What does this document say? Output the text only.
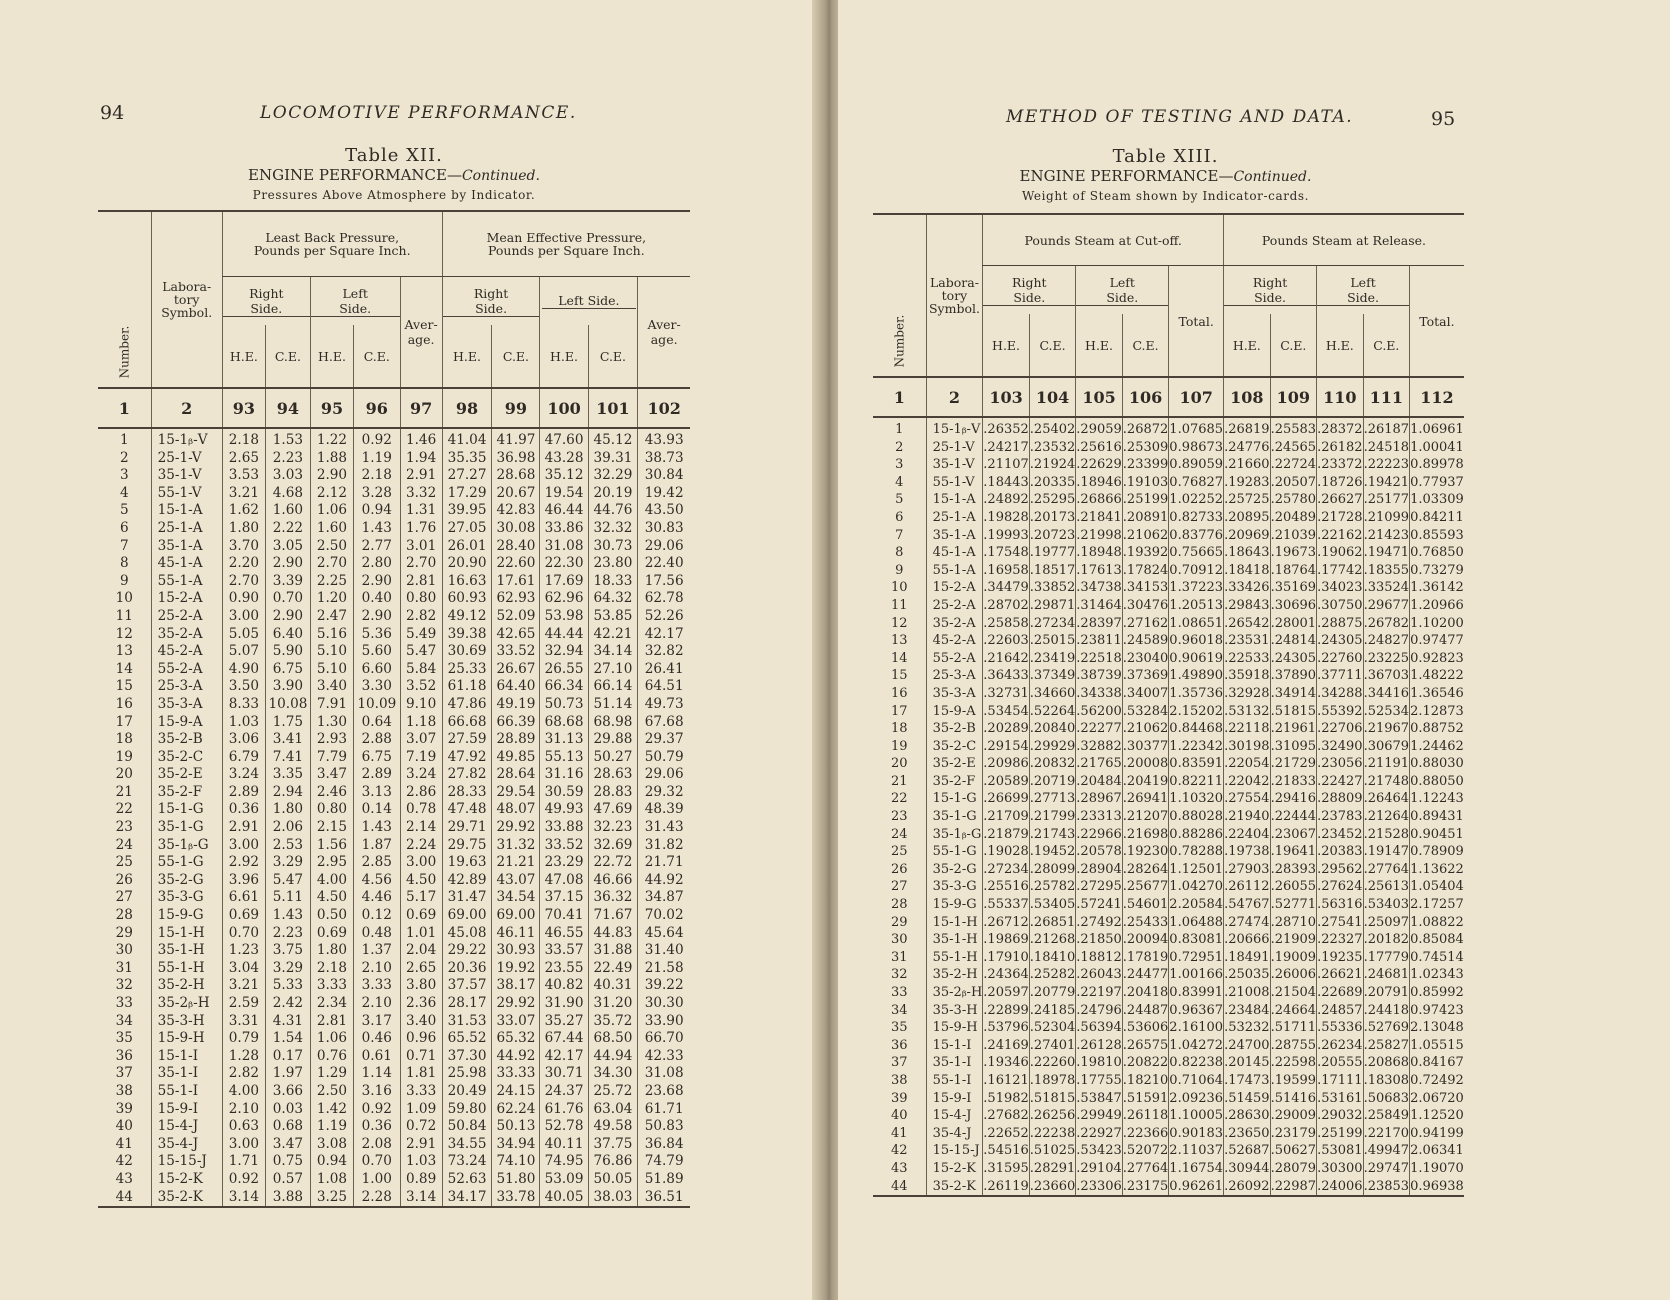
94	LOCOMOTIVE PERFORMANCE.
Table XII.
ENGINE PERFORMANCE—Continued.
Pressures Above Atmosphere by Indicator.
Number.	Labora-
tory
Symbol.	Least Back Pressure,
Pounds per Square Inch.					Mean Effective Pressure,
Pounds per Square Inch.				
		Right Side.		Left Side.		Aver-
age.	Right Side.		Left Side.		Aver-
age.
		H.E.	C.E.	H.E.	C.E.		H.E.	C.E.	H.E.	C.E.	
1	2	93	94	95	96	97	98	99	100	101	102
1	15-1ᵦ-V	2.18	1.53	1.22	0.92	1.46	41.04	41.97	47.60	45.12	43.93
2	25-1-V	2.65	2.23	1.88	1.19	1.94	35.35	36.98	43.28	39.31	38.73
3	35-1-V	3.53	3.03	2.90	2.18	2.91	27.27	28.68	35.12	32.29	30.84
4	55-1-V	3.21	4.68	2.12	3.28	3.32	17.29	20.67	19.54	20.19	19.42
5	15-1-A	1.62	1.60	1.06	0.94	1.31	39.95	42.83	46.44	44.76	43.50
6	25-1-A	1.80	2.22	1.60	1.43	1.76	27.05	30.08	33.86	32.32	30.83
7	35-1-A	3.70	3.05	2.50	2.77	3.01	26.01	28.40	31.08	30.73	29.06
8	45-1-A	2.20	2.90	2.70	2.80	2.70	20.90	22.60	22.30	23.80	22.40
9	55-1-A	2.70	3.39	2.25	2.90	2.81	16.63	17.61	17.69	18.33	17.56
10	15-2-A	0.90	0.70	1.20	0.40	0.80	60.93	62.93	62.96	64.32	62.78
11	25-2-A	3.00	2.90	2.47	2.90	2.82	49.12	52.09	53.98	53.85	52.26
12	35-2-A	5.05	6.40	5.16	5.36	5.49	39.38	42.65	44.44	42.21	42.17
13	45-2-A	5.07	5.90	5.10	5.60	5.47	30.69	33.52	32.94	34.14	32.82
14	55-2-A	4.90	6.75	5.10	6.60	5.84	25.33	26.67	26.55	27.10	26.41
15	25-3-A	3.50	3.90	3.40	3.30	3.52	61.18	64.40	66.34	66.14	64.51
16	35-3-A	8.33	10.08	7.91	10.09	9.10	47.86	49.19	50.73	51.14	49.73
17	15-9-A	1.03	1.75	1.30	0.64	1.18	66.68	66.39	68.68	68.98	67.68
18	35-2-B	3.06	3.41	2.93	2.88	3.07	27.59	28.89	31.13	29.88	29.37
19	35-2-C	6.79	7.41	7.79	6.75	7.19	47.92	49.85	55.13	50.27	50.79
20	35-2-E	3.24	3.35	3.47	2.89	3.24	27.82	28.64	31.16	28.63	29.06
21	35-2-F	2.89	2.94	2.46	3.13	2.86	28.33	29.54	30.59	28.83	29.32
22	15-1-G	0.36	1.80	0.80	0.14	0.78	47.48	48.07	49.93	47.69	48.39
23	35-1-G	2.91	2.06	2.15	1.43	2.14	29.71	29.92	33.88	32.23	31.43
24	35-1ᵦ-G	3.00	2.53	1.56	1.87	2.24	29.75	31.32	33.52	32.69	31.82
25	55-1-G	2.92	3.29	2.95	2.85	3.00	19.63	21.21	23.29	22.72	21.71
26	35-2-G	3.96	5.47	4.00	4.56	4.50	42.89	43.07	47.08	46.66	44.92
27	35-3-G	6.61	5.11	4.50	4.46	5.17	31.47	34.54	37.15	36.32	34.87
28	15-9-G	0.69	1.43	0.50	0.12	0.69	69.00	69.00	70.41	71.67	70.02
29	15-1-H	0.70	2.23	0.69	0.48	1.01	45.08	46.11	46.55	44.83	45.64
30	35-1-H	1.23	3.75	1.80	1.37	2.04	29.22	30.93	33.57	31.88	31.40
31	55-1-H	3.04	3.29	2.18	2.10	2.65	20.36	19.92	23.55	22.49	21.58
32	35-2-H	3.21	5.33	3.33	3.33	3.80	37.57	38.17	40.82	40.31	39.22
33	35-2ᵦ-H	2.59	2.42	2.34	2.10	2.36	28.17	29.92	31.90	31.20	30.30
34	35-3-H	3.31	4.31	2.81	3.17	3.40	31.53	33.07	35.27	35.72	33.90
35	15-9-H	0.79	1.54	1.06	0.46	0.96	65.52	65.32	67.44	68.50	66.70
36	15-1-I	1.28	0.17	0.76	0.61	0.71	37.30	44.92	42.17	44.94	42.33
37	35-1-I	2.82	1.97	1.29	1.14	1.81	25.98	33.33	30.71	34.30	31.08
38	55-1-I	4.00	3.66	2.50	3.16	3.33	20.49	24.15	24.37	25.72	23.68
39	15-9-I	2.10	0.03	1.42	0.92	1.09	59.80	62.24	61.76	63.04	61.71
40	15-4-J	0.63	0.68	1.19	0.36	0.72	50.84	50.13	52.78	49.58	50.83
41	35-4-J	3.00	3.47	3.08	2.08	2.91	34.55	34.94	40.11	37.75	36.84
42	15-15-J	1.71	0.75	0.94	0.70	1.03	73.24	74.10	74.95	76.86	74.79
43	15-2-K	0.92	0.57	1.08	1.00	0.89	52.63	51.80	53.09	50.05	51.89
44	35-2-K	3.14	3.88	3.25	2.28	3.14	34.17	33.78	40.05	38.03	36.51
METHOD OF TESTING AND DATA.	95
Table XIII.
ENGINE PERFORMANCE—Continued.
Weight of Steam shown by Indicator-cards.
Number.	Labora-
tory
Symbol.	Pounds Steam at Cut-off.					Pounds Steam at Release.				
		Right Side.		Left Side.		Total.	Right Side.		Left Side.		Total.
		H.E.	C.E.	H.E.	C.E.		H.E.	C.E.	H.E.	C.E.	
1	2	103	104	105	106	107	108	109	110	111	112
1	15-1ᵦ-V	.26352	.25402	.29059	.26872	1.07685	.26819	.25583	.28372	.26187	1.06961
2	25-1-V	.24217	.23532	.25616	.25309	0.98673	.24776	.24565	.26182	.24518	1.00041
3	35-1-V	.21107	.21924	.22629	.23399	0.89059	.21660	.22724	.23372	.22223	0.89978
4	55-1-V	.18443	.20335	.18946	.19103	0.76827	.19283	.20507	.18726	.19421	0.77937
5	15-1-A	.24892	.25295	.26866	.25199	1.02252	.25725	.25780	.26627	.25177	1.03309
6	25-1-A	.19828	.20173	.21841	.20891	0.82733	.20895	.20489	.21728	.21099	0.84211
7	35-1-A	.19993	.20723	.21998	.21062	0.83776	.20969	.21039	.22162	.21423	0.85593
8	45-1-A	.17548	.19777	.18948	.19392	0.75665	.18643	.19673	.19062	.19471	0.76850
9	55-1-A	.16958	.18517	.17613	.17824	0.70912	.18418	.18764	.17742	.18355	0.73279
10	15-2-A	.34479	.33852	.34738	.34153	1.37223	.33426	.35169	.34023	.33524	1.36142
11	25-2-A	.28702	.29871	.31464	.30476	1.20513	.29843	.30696	.30750	.29677	1.20966
12	35-2-A	.25858	.27234	.28397	.27162	1.08651	.26542	.28001	.28875	.26782	1.10200
13	45-2-A	.22603	.25015	.23811	.24589	0.96018	.23531	.24814	.24305	.24827	0.97477
14	55-2-A	.21642	.23419	.22518	.23040	0.90619	.22533	.24305	.22760	.23225	0.92823
15	25-3-A	.36433	.37349	.38739	.37369	1.49890	.35918	.37890	.37711	.36703	1.48222
16	35-3-A	.32731	.34660	.34338	.34007	1.35736	.32928	.34914	.34288	.34416	1.36546
17	15-9-A	.53454	.52264	.56200	.53284	2.15202	.53132	.51815	.55392	.52534	2.12873
18	35-2-B	.20289	.20840	.22277	.21062	0.84468	.22118	.21961	.22706	.21967	0.88752
19	35-2-C	.29154	.29929	.32882	.30377	1.22342	.30198	.31095	.32490	.30679	1.24462
20	35-2-E	.20986	.20832	.21765	.20008	0.83591	.22054	.21729	.23056	.21191	0.88030
21	35-2-F	.20589	.20719	.20484	.20419	0.82211	.22042	.21833	.22427	.21748	0.88050
22	15-1-G	.26699	.27713	.28967	.26941	1.10320	.27554	.29416	.28809	.26464	1.12243
23	35-1-G	.21709	.21799	.23313	.21207	0.88028	.21940	.22444	.23783	.21264	0.89431
24	35-1ᵦ-G	.21879	.21743	.22966	.21698	0.88286	.22404	.23067	.23452	.21528	0.90451
25	55-1-G	.19028	.19452	.20578	.19230	0.78288	.19738	.19641	.20383	.19147	0.78909
26	35-2-G	.27234	.28099	.28904	.28264	1.12501	.27903	.28393	.29562	.27764	1.13622
27	35-3-G	.25516	.25782	.27295	.25677	1.04270	.26112	.26055	.27624	.25613	1.05404
28	15-9-G	.55337	.53405	.57241	.54601	2.20584	.54767	.52771	.56316	.53403	2.17257
29	15-1-H	.26712	.26851	.27492	.25433	1.06488	.27474	.28710	.27541	.25097	1.08822
30	35-1-H	.19869	.21268	.21850	.20094	0.83081	.20666	.21909	.22327	.20182	0.85084
31	55-1-H	.17910	.18410	.18812	.17819	0.72951	.18491	.19009	.19235	.17779	0.74514
32	35-2-H	.24364	.25282	.26043	.24477	1.00166	.25035	.26006	.26621	.24681	1.02343
33	35-2ᵦ-H	.20597	.20779	.22197	.20418	0.83991	.21008	.21504	.22689	.20791	0.85992
34	35-3-H	.22899	.24185	.24796	.24487	0.96367	.23484	.24664	.24857	.24418	0.97423
35	15-9-H	.53796	.52304	.56394	.53606	2.16100	.53232	.51711	.55336	.52769	2.13048
36	15-1-I	.24169	.27401	.26128	.26575	1.04272	.24700	.28755	.26234	.25827	1.05515
37	35-1-I	.19346	.22260	.19810	.20822	0.82238	.20145	.22598	.20555	.20868	0.84167
38	55-1-I	.16121	.18978	.17755	.18210	0.71064	.17473	.19599	.17111	.18308	0.72492
39	15-9-I	.51982	.51815	.53847	.51591	2.09236	.51459	.51416	.53161	.50683	2.06720
40	15-4-J	.27682	.26256	.29949	.26118	1.10005	.28630	.29009	.29032	.25849	1.12520
41	35-4-J	.22652	.22238	.22927	.22366	0.90183	.23650	.23179	.25199	.22170	0.94199
42	15-15-J	.54516	.51025	.53423	.52072	2.11037	.52687	.50627	.53081	.49947	2.06341
43	15-2-K	.31595	.28291	.29104	.27764	1.16754	.30944	.28079	.30300	.29747	1.19070
44	35-2-K	.26119	.23660	.23306	.23175	0.96261	.26092	.22987	.24006	.23853	0.96938
